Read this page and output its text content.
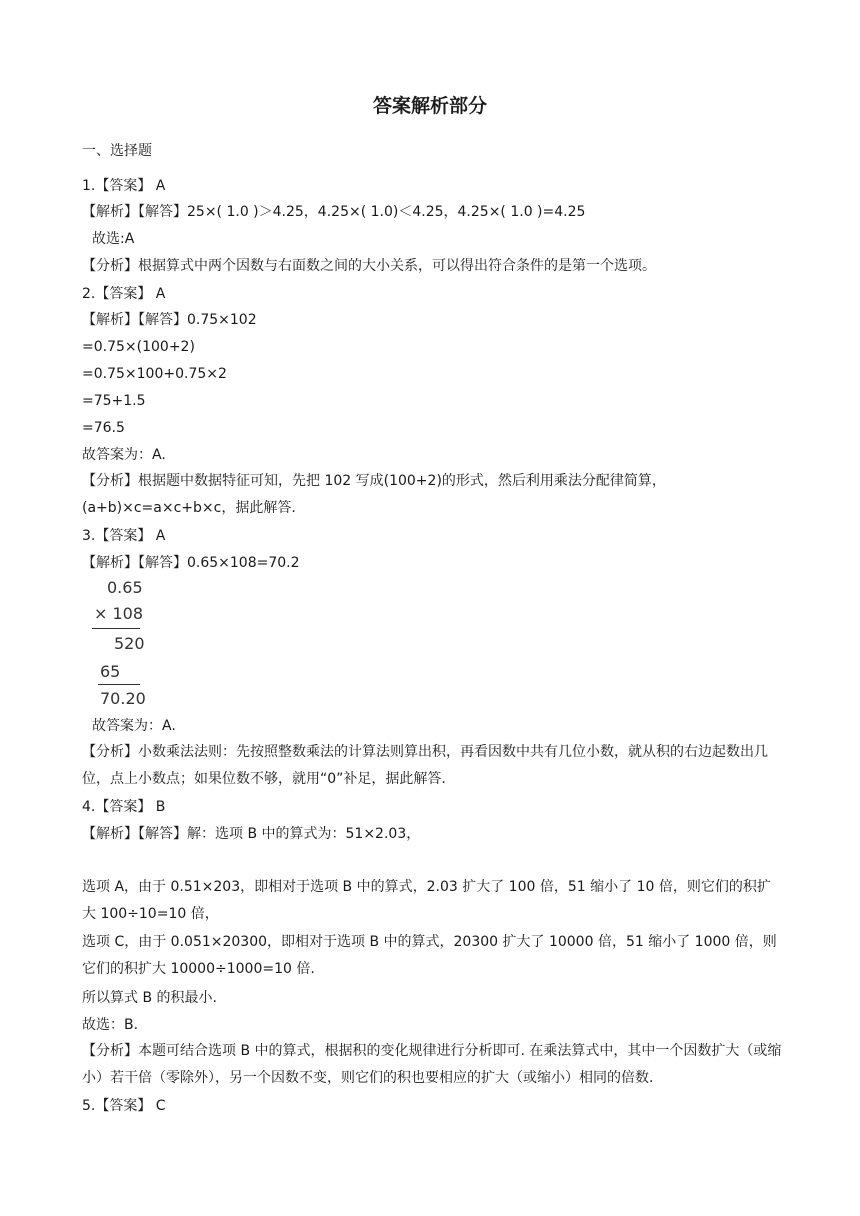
答案解析部分
一、选择题
1.【答案】 A
【解析】【解答】25×( 1.0 )＞4.25，4.25×( 1.0)＜4.25，4.25×( 1.0 )=4.25
故选:A
【分析】根据算式中两个因数与右面数之间的大小关系，可以得出符合条件的是第一个选项。
2.【答案】 A
【解析】【解答】0.75×102
=0.75×(100+2)
=0.75×100+0.75×2
=75+1.5
=76.5
故答案为：A.
【分析】根据题中数据特征可知，先把 102 写成(100+2)的形式，然后利用乘法分配律简算，(a+b)×c=a×c+b×c，据此解答.
3.【答案】 A
【解析】【解答】0.65×108=70.2
0.65
× 108
520
65
70.20
故答案为：A.
【分析】小数乘法法则：先按照整数乘法的计算法则算出积，再看因数中共有几位小数，就从积的右边起数出几位，点上小数点；如果位数不够，就用“0”补足，据此解答.
4.【答案】 B
【解析】【解答】解：选项 B 中的算式为：51×2.03，
选项 A，由于 0.51×203，即相对于选项 B 中的算式，2.03 扩大了 100 倍，51 缩小了 10 倍，则它们的积扩大 100÷10=10 倍，
选项 C，由于 0.051×20300，即相对于选项 B 中的算式，20300 扩大了 10000 倍，51 缩小了 1000 倍，则它们的积扩大 10000÷1000=10 倍.
所以算式 B 的积最小.
故选：B.
【分析】本题可结合选项 B 中的算式，根据积的变化规律进行分析即可. 在乘法算式中，其中一个因数扩大（或缩小）若干倍（零除外），另一个因数不变，则它们的积也要相应的扩大（或缩小）相同的倍数.
5.【答案】 C
